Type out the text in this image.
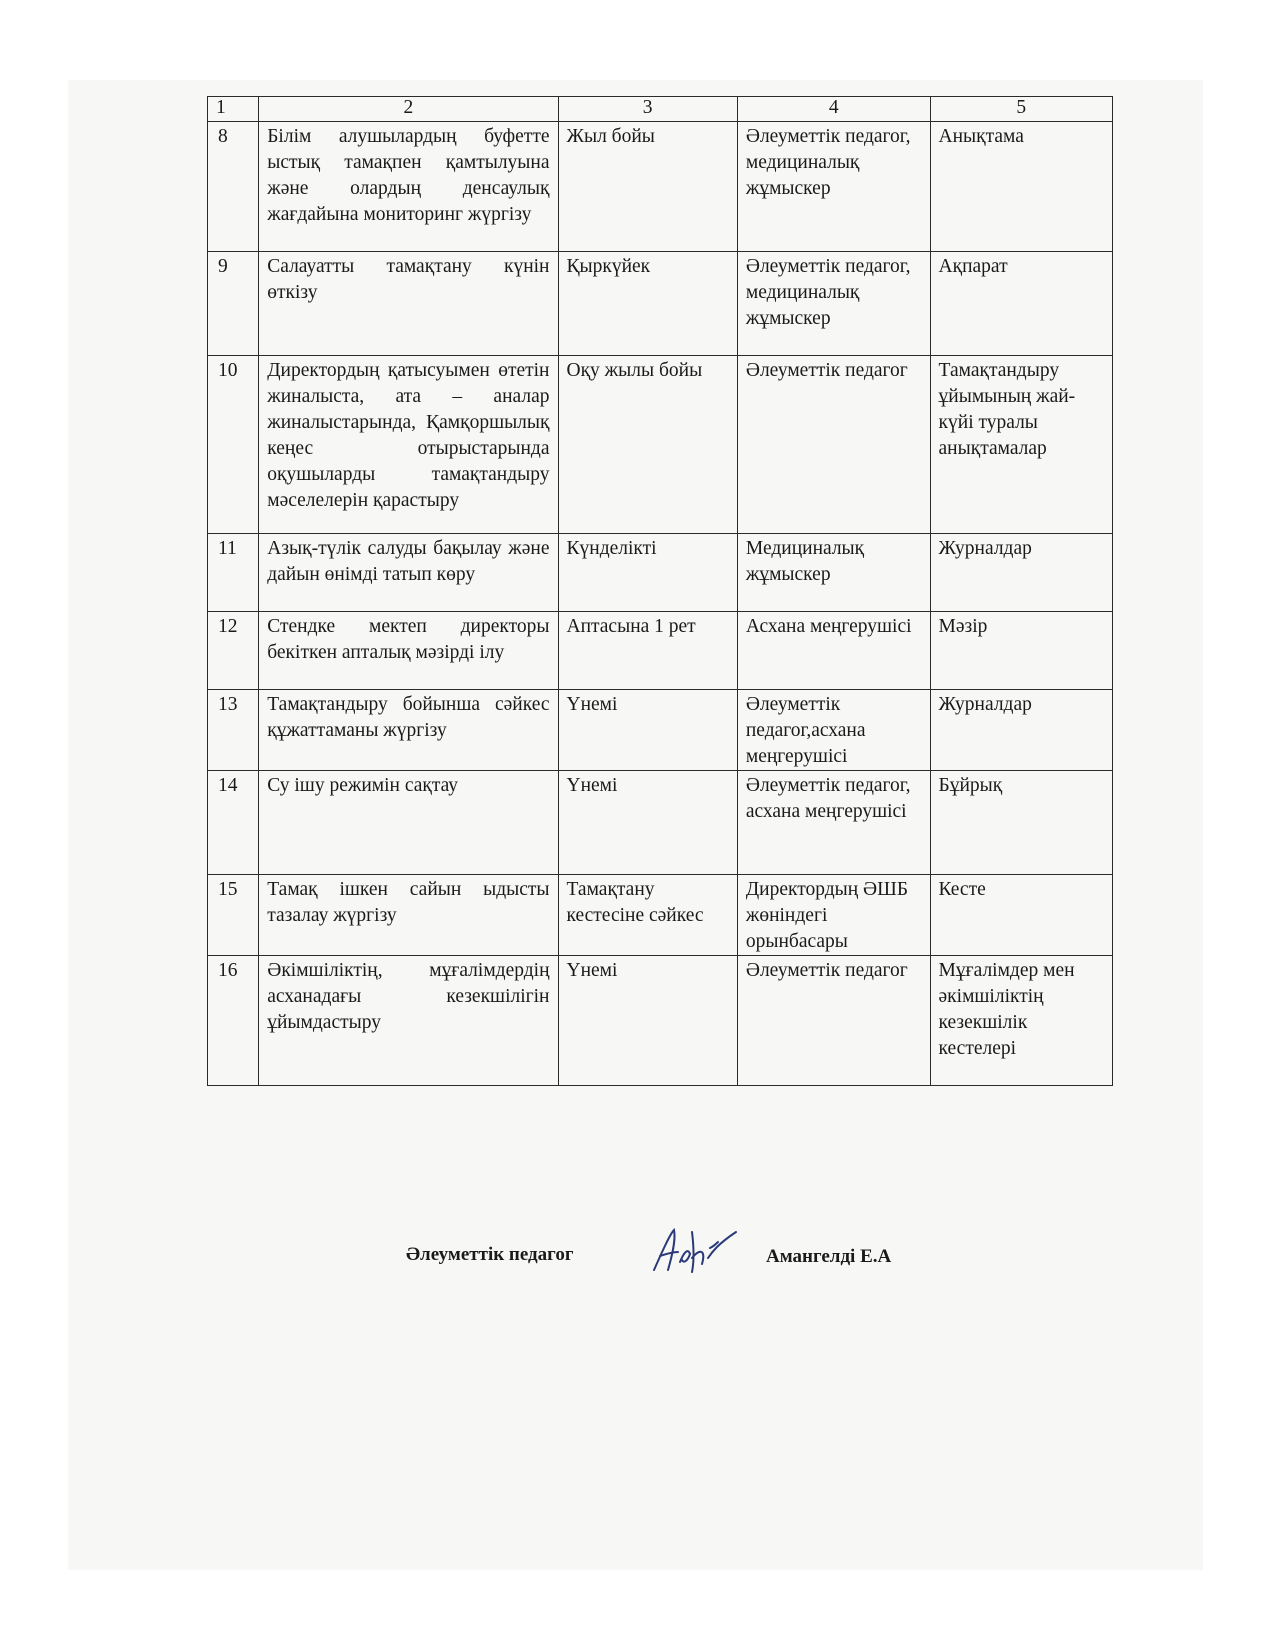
1	2	3	4	5
8	Білім алушылардың буфетте ыстық тамақпен қамтылуына және олардың денсаулық жағдайына мониторинг жүргізу	Жыл бойы	Әлеуметтік педагог, медициналық жұмыскер	Анықтама
9	Салауатты тамақтану күнін өткізу	Қыркүйек	Әлеуметтік педагог, медициналық жұмыскер	Ақпарат
10	Директордың қатысуымен өтетін жиналыста, ата – аналар жиналыстарында, Қамқоршылық кеңес отырыстарында оқушыларды тамақтандыру мәселелерін қарастыру	Оқу жылы бойы	Әлеуметтік педагог	Тамақтандыру ұйымының жай-күйі туралы анықтамалар
11	Азық-түлік салуды бақылау және дайын өнімді татып көру	Күнделікті	Медициналық жұмыскер	Журналдар
12	Стендке мектеп директоры бекіткен апталық мәзірді ілу	Аптасына 1 рет	Асхана меңгерушісі	Мәзір
13	Тамақтандыру бойынша сәйкес құжаттаманы жүргізу	Үнемі	Әлеуметтік педагог,асхана меңгерушісі	Журналдар
14	Су ішу режимін сақтау	Үнемі	Әлеуметтік педагог, асхана меңгерушісі	Бұйрық
15	Тамақ ішкен сайын ыдысты тазалау жүргізу	Тамақтану кестесіне сәйкес	Директордың ӘШБ жөніндегі орынбасары	Кесте
16	Әкімшіліктің, мұғалімдердің асханадағы кезекшілігін ұйымдастыру	Үнемі	Әлеуметтік педагог	Мұғалімдер мен әкімшіліктің кезекшілік кестелері
Әлеуметтік педагог	Амангелді Е.А
